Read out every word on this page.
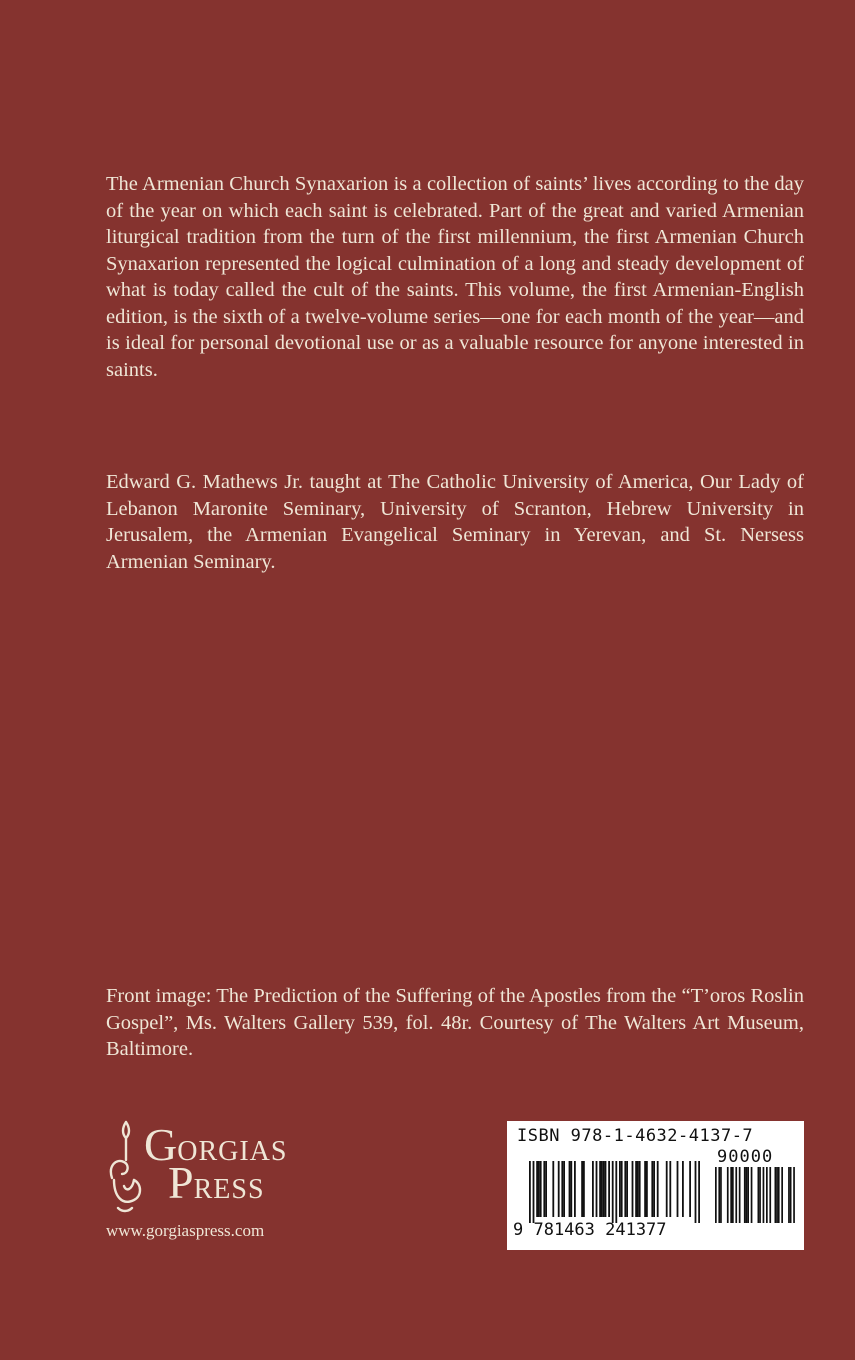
The Armenian Church Synaxarion is a collection of saints’ lives according to the day of the year on which each saint is celebrated. Part of the great and varied Armenian liturgical tradition from the turn of the first millennium, the first Armenian Church Synaxarion represented the logical culmination of a long and steady development of what is today called the cult of the saints. This volume, the first Armenian-English edition, is the sixth of a twelve-volume series—one for each month of the year—and is ideal for personal devotional use or as a valuable resource for anyone interested in saints.

Edward G. Mathews Jr. taught at The Catholic University of America, Our Lady of Lebanon Maronite Seminary, University of Scranton, Hebrew University in Jerusalem, the Armenian Evangelical Seminary in Yerevan, and St. Nersess Armenian Seminary.

Front image: The Prediction of the Suffering of the Apostles from the “T’oros Roslin Gospel”, Ms. Walters Gallery 539, fol. 48r. Courtesy of The Walters Art Museum, Baltimore.

GORGIAS
PRESS
www.gorgiaspress.com
ISBN 978-1-4632-4137-7
90000
9 781463 241377
